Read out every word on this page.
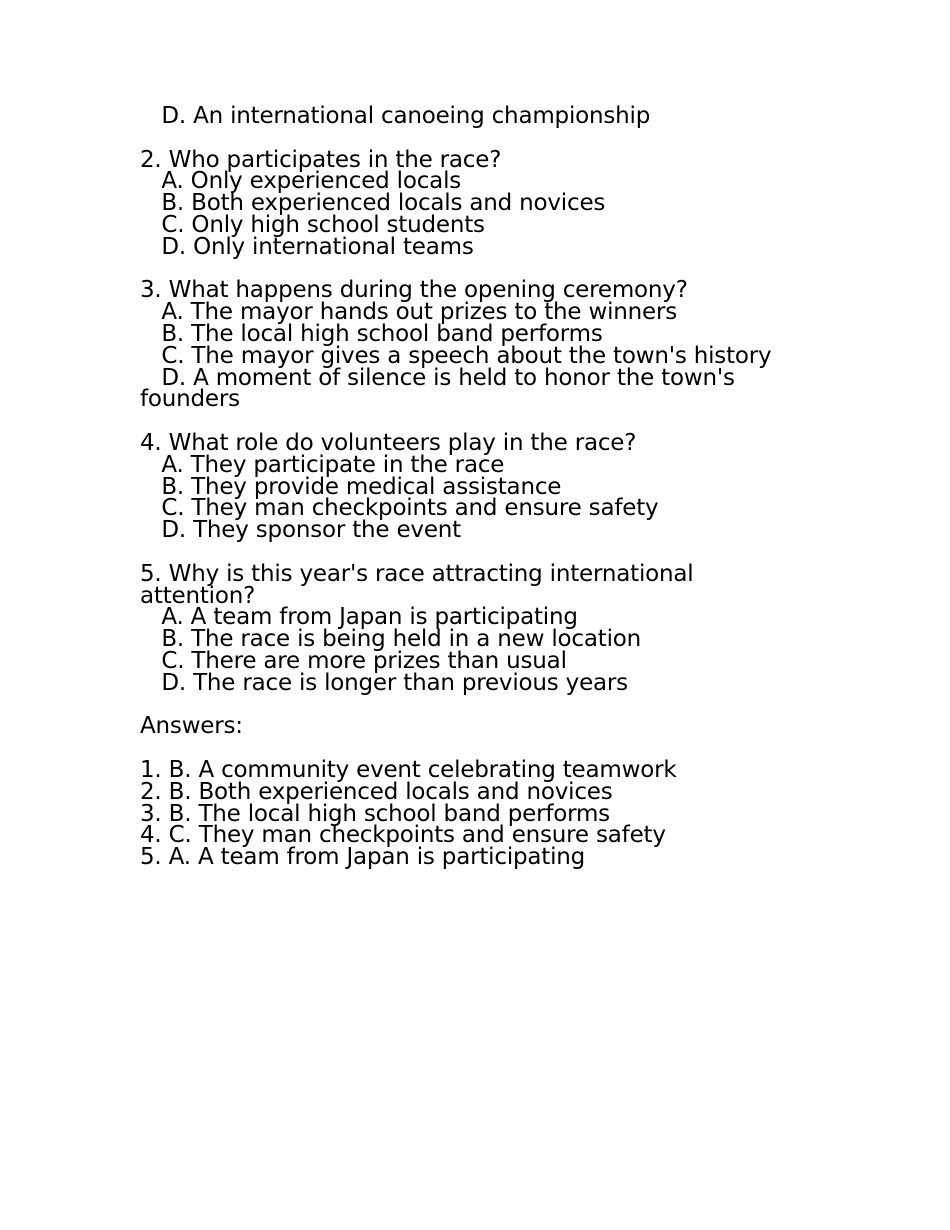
D. An international canoeing championship
2. Who participates in the race?
A. Only experienced locals
B. Both experienced locals and novices
C. Only high school students
D. Only international teams
3. What happens during the opening ceremony?
A. The mayor hands out prizes to the winners
B. The local high school band performs
C. The mayor gives a speech about the town's history
D. A moment of silence is held to honor the town's
founders
4. What role do volunteers play in the race?
A. They participate in the race
B. They provide medical assistance
C. They man checkpoints and ensure safety
D. They sponsor the event
5. Why is this year's race attracting international
attention?
A. A team from Japan is participating
B. The race is being held in a new location
C. There are more prizes than usual
D. The race is longer than previous years
Answers:
1. B. A community event celebrating teamwork
2. B. Both experienced locals and novices
3. B. The local high school band performs
4. C. They man checkpoints and ensure safety
5. A. A team from Japan is participating
